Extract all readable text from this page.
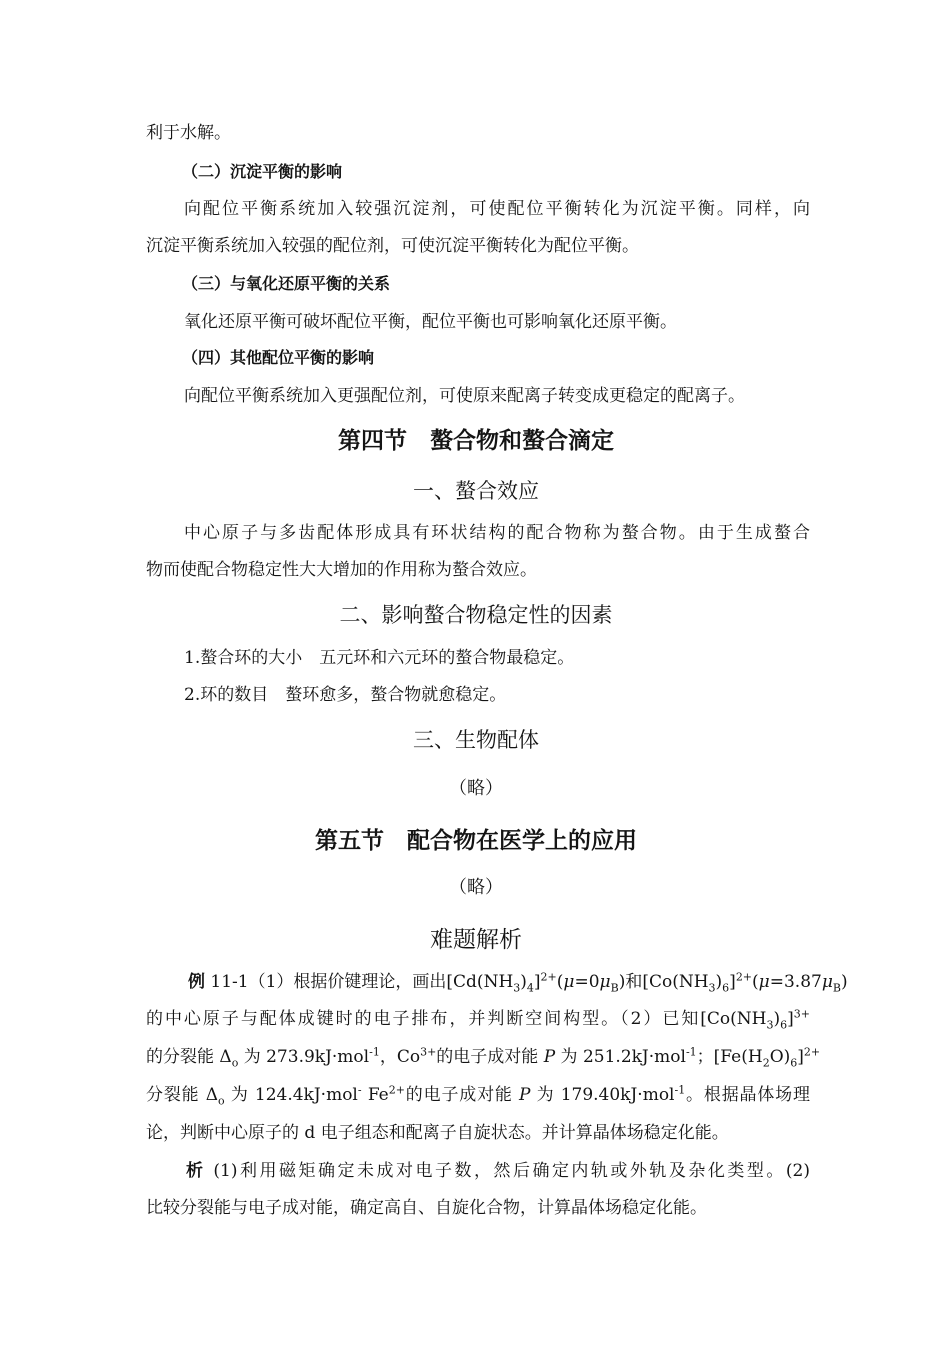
利于水解。
（二）沉淀平衡的影响
向配位平衡系统加入较强沉淀剂，可使配位平衡转化为沉淀平衡。同样，向
沉淀平衡系统加入较强的配位剂，可使沉淀平衡转化为配位平衡。
（三）与氧化还原平衡的关系
氧化还原平衡可破坏配位平衡，配位平衡也可影响氧化还原平衡。
（四）其他配位平衡的影响
向配位平衡系统加入更强配位剂，可使原来配离子转变成更稳定的配离子。
第四节　螯合物和螯合滴定
一、螯合效应
中心原子与多齿配体形成具有环状结构的配合物称为螯合物。由于生成螯合
物而使配合物稳定性大大增加的作用称为螯合效应。
二、影响螯合物稳定性的因素
1.螯合环的大小　五元环和六元环的螯合物最稳定。
2.环的数目　螯环愈多，螯合物就愈稳定。
三、生物配体
（略）
第五节　配合物在医学上的应用
（略）
难题解析
例 11-1（1）根据价键理论，画出$[Cd(NH_3)_4]^{2+}(\mu=0\mu_B)$和$[Co(NH_3)_6]^{2+}(\mu=3.87\mu_B)$
的中心原子与配体成键时的电子排布，并判断空间构型。（2）已知$[Co(NH_3)_6]^{3+}$
的分裂能 $\Delta_o$ 为 273.9kJ·mol$^{-1}$，$Co^{3+}$的电子成对能 P 为 251.2kJ·mol$^{-1}$；$[Fe(H_2O)_6]^{2+}$
分裂能 $\Delta_o$ 为 124.4kJ·mol- $Fe^{2+}$的电子成对能 P 为 179.40kJ·mol$^{-1}$。根据晶体场理
论，判断中心原子的 d 电子组态和配离子自旋状态。并计算晶体场稳定化能。
析 (1)利用磁矩确定未成对电子数，然后确定内轨或外轨及杂化类型。(2)
比较分裂能与电子成对能，确定高自、自旋化合物，计算晶体场稳定化能。
